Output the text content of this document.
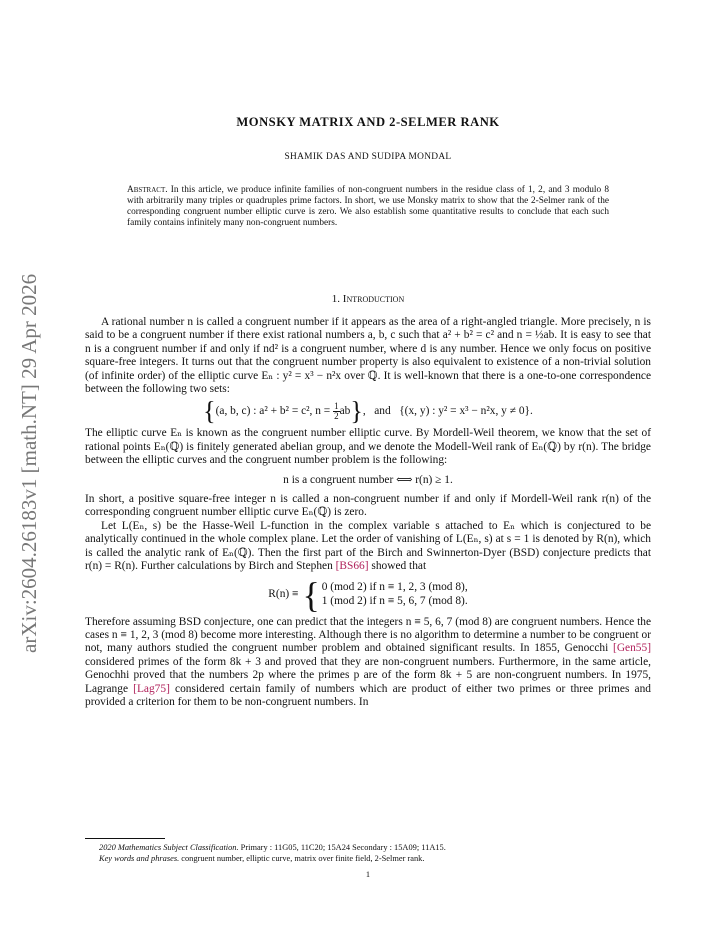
arXiv:2604.26183v1 [math.NT] 29 Apr 2026
MONSKY MATRIX AND 2-SELMER RANK
SHAMIK DAS AND SUDIPA MONDAL
Abstract. In this article, we produce infinite families of non-congruent numbers in the residue class of 1, 2, and 3 modulo 8 with arbitrarily many triples or quadruples prime factors. In short, we use Monsky matrix to show that the 2-Selmer rank of the corresponding congruent number elliptic curve is zero. We also establish some quantitative results to conclude that each such family contains infinitely many non-congruent numbers.
1. Introduction

A rational number n is called a congruent number if it appears as the area of a right-angled triangle. More precisely, n is said to be a congruent number if there exist rational numbers a, b, c such that a² + b² = c² and n = ½ab. It is easy to see that n is a congruent number if and only if nd² is a congruent number, where d is any number. Hence we only focus on positive square-free integers. It turns out that the congruent number property is also equivalent to existence of a non-trivial solution (of infinite order) of the elliptic curve Eₙ : y² = x³ − n²x over ℚ. It is well-known that there is a one-to-one correspondence between the following two sets:

{(a, b, c) : a² + b² = c², $n = \frac{1}{2} ab$},   and {(x, y) : y² = x³ − n²x, y ≠ 0}.

The elliptic curve Eₙ is known as the congruent number elliptic curve. By Mordell-Weil theorem, we know that the set of rational points Eₙ(ℚ) is finitely generated abelian group, and we denote the Modell-Weil rank of Eₙ(ℚ) by r(n). The bridge between the elliptic curves and the congruent number problem is the following:

n is a congruent number ⟺ r(n) ≥ 1.

In short, a positive square-free integer n is called a non-congruent number if and only if Mordell-Weil rank r(n) of the corresponding congruent number elliptic curve Eₙ(ℚ) is zero.

Let L(Eₙ, s) be the Hasse-Weil L-function in the complex variable s attached to Eₙ which is conjectured to be analytically continued in the whole complex plane. Let the order of vanishing of L(Eₙ, s) at s = 1 is denoted by R(n), which is called the analytic rank of Eₙ(ℚ). Then the first part of the Birch and Swinnerton-Dyer (BSD) conjecture predicts that r(n) = R(n). Further calculations by Birch and Stephen [BS66] showed that

R(n) ≡ { 0 (mod 2) if n ≡ 1, 2, 3 (mod 8),
1 (mod 2) if n ≡ 5, 6, 7 (mod 8).

Therefore assuming BSD conjecture, one can predict that the integers n ≡ 5, 6, 7 (mod 8) are congruent numbers. Hence the cases n ≡ 1, 2, 3 (mod 8) become more interesting. Although there is no algorithm to determine a number to be congruent or not, many authors studied the congruent number problem and obtained significant results. In 1855, Genocchi [Gen55] considered primes of the form 8k + 3 and proved that they are non-congruent numbers. Furthermore, in the same article, Genochhi proved that the numbers 2p where the primes p are of the form 8k + 5 are non-congruent numbers. In 1975, Lagrange [Lag75] considered certain family of numbers which are product of either two primes or three primes and provided a criterion for them to be non-congruent numbers. In

2020 Mathematics Subject Classification. Primary : 11G05, 11C20; 15A24 Secondary : 15A09; 11A15.
Key words and phrases. congruent number, elliptic curve, matrix over finite field, 2-Selmer rank.
1
